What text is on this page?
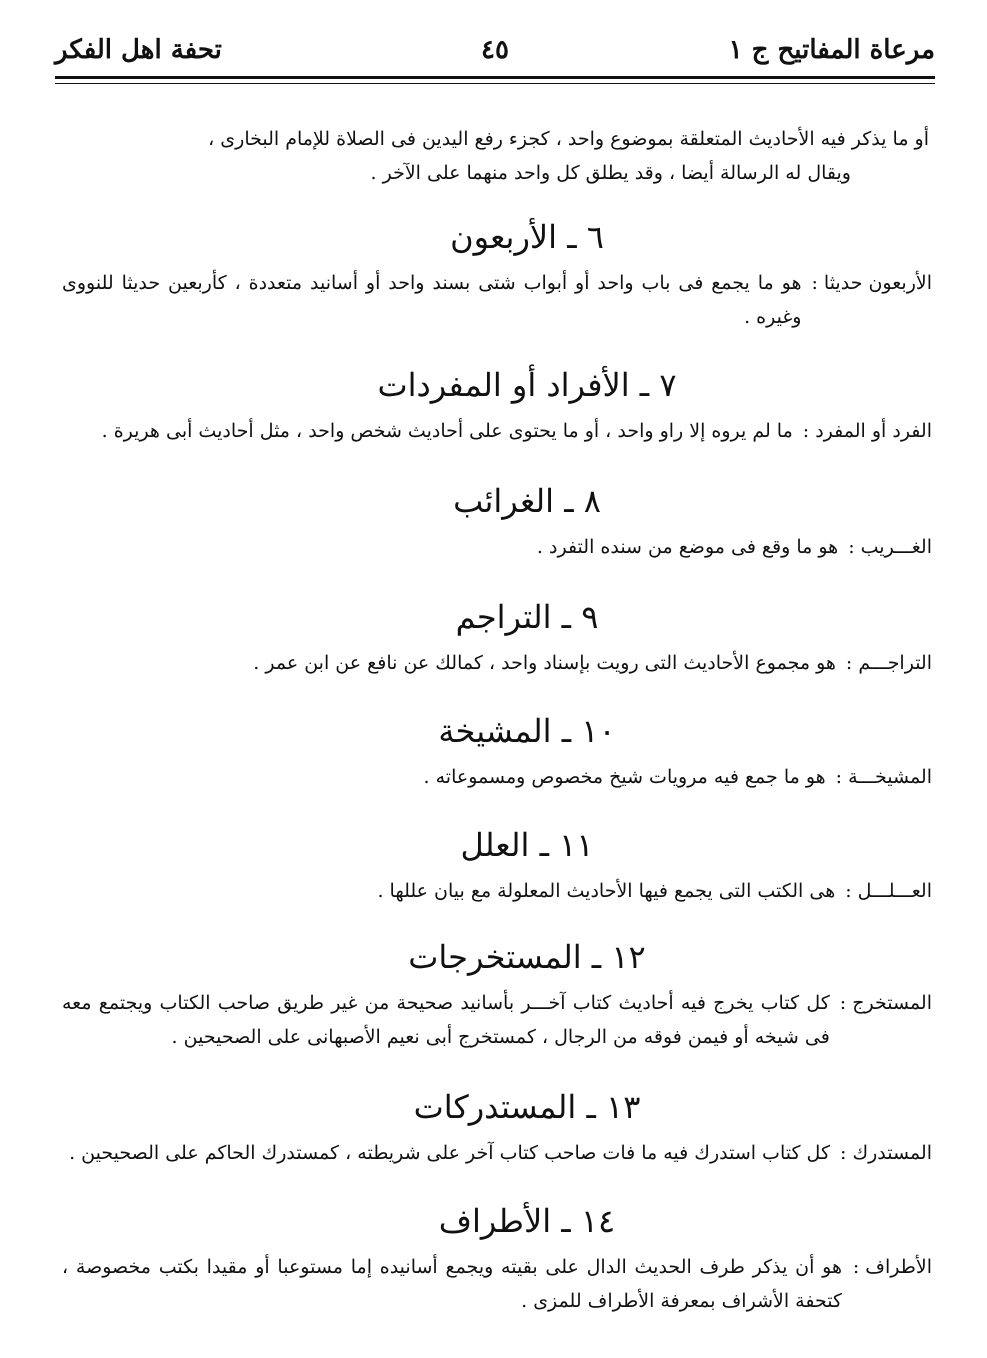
مرعاة المفاتيح ج ١
٤٥
تحفة اهل الفكر

أو ما يذكر فيه الأحاديث المتعلقة بموضوع واحد ، كجزء رفع اليدين فى الصلاة للإمام البخارى ،

ويقال له الرسالة أيضا ، وقد يطلق كل واحد منهما على الآخر .

٦ ـ الأربعون
الأربعون حديثا :
هو ما يجمع فى باب واحد أو أبواب شتى بسند واحد أو أسانيد متعددة ، كأربعين حديثا للنووى وغيره .
٧ ـ الأفراد أو المفردات
الفرد أو المفرد :
ما لم يروه إلا راو واحد ، أو ما يحتوى على أحاديث شخص واحد ، مثل أحاديث أبى هريرة .
٨ ـ الغرائب
الغـــريب :
هو ما وقع فى موضع من سنده التفرد .
٩ ـ التراجم
التراجـــم :
هو مجموع الأحاديث التى رويت بإسناد واحد ، كمالك عن نافع عن ابن عمر .
١٠ ـ المشيخة
المشيخـــة :
هو ما جمع فيه مرويات شيخ مخصوص ومسموعاته .
١١ ـ العلل
العـــلـــل :
هى الكتب التى يجمع فيها الأحاديث المعلولة مع بيان عللها .
١٢ ـ المستخرجات
المستخرج :
كل كتاب يخرج فيه أحاديث كتاب آخـــر بأسانيد صحيحة من غير طريق صاحب الكتاب ويجتمع معه فى شيخه أو فيمن فوقه من الرجال ، كمستخرج أبى نعيم الأصبهانى على الصحيحين .
١٣ ـ المستدركات
المستدرك :
كل كتاب استدرك فيه ما فات صاحب كتاب آخر على شريطته ، كمستدرك الحاكم على الصحيحين .
١٤ ـ الأطراف
الأطراف :
هو أن يذكر طرف الحديث الدال على بقيته ويجمع أسانيده إما مستوعبا أو مقيدا بكتب مخصوصة ، كتحفة الأشراف بمعرفة الأطراف للمزى .
